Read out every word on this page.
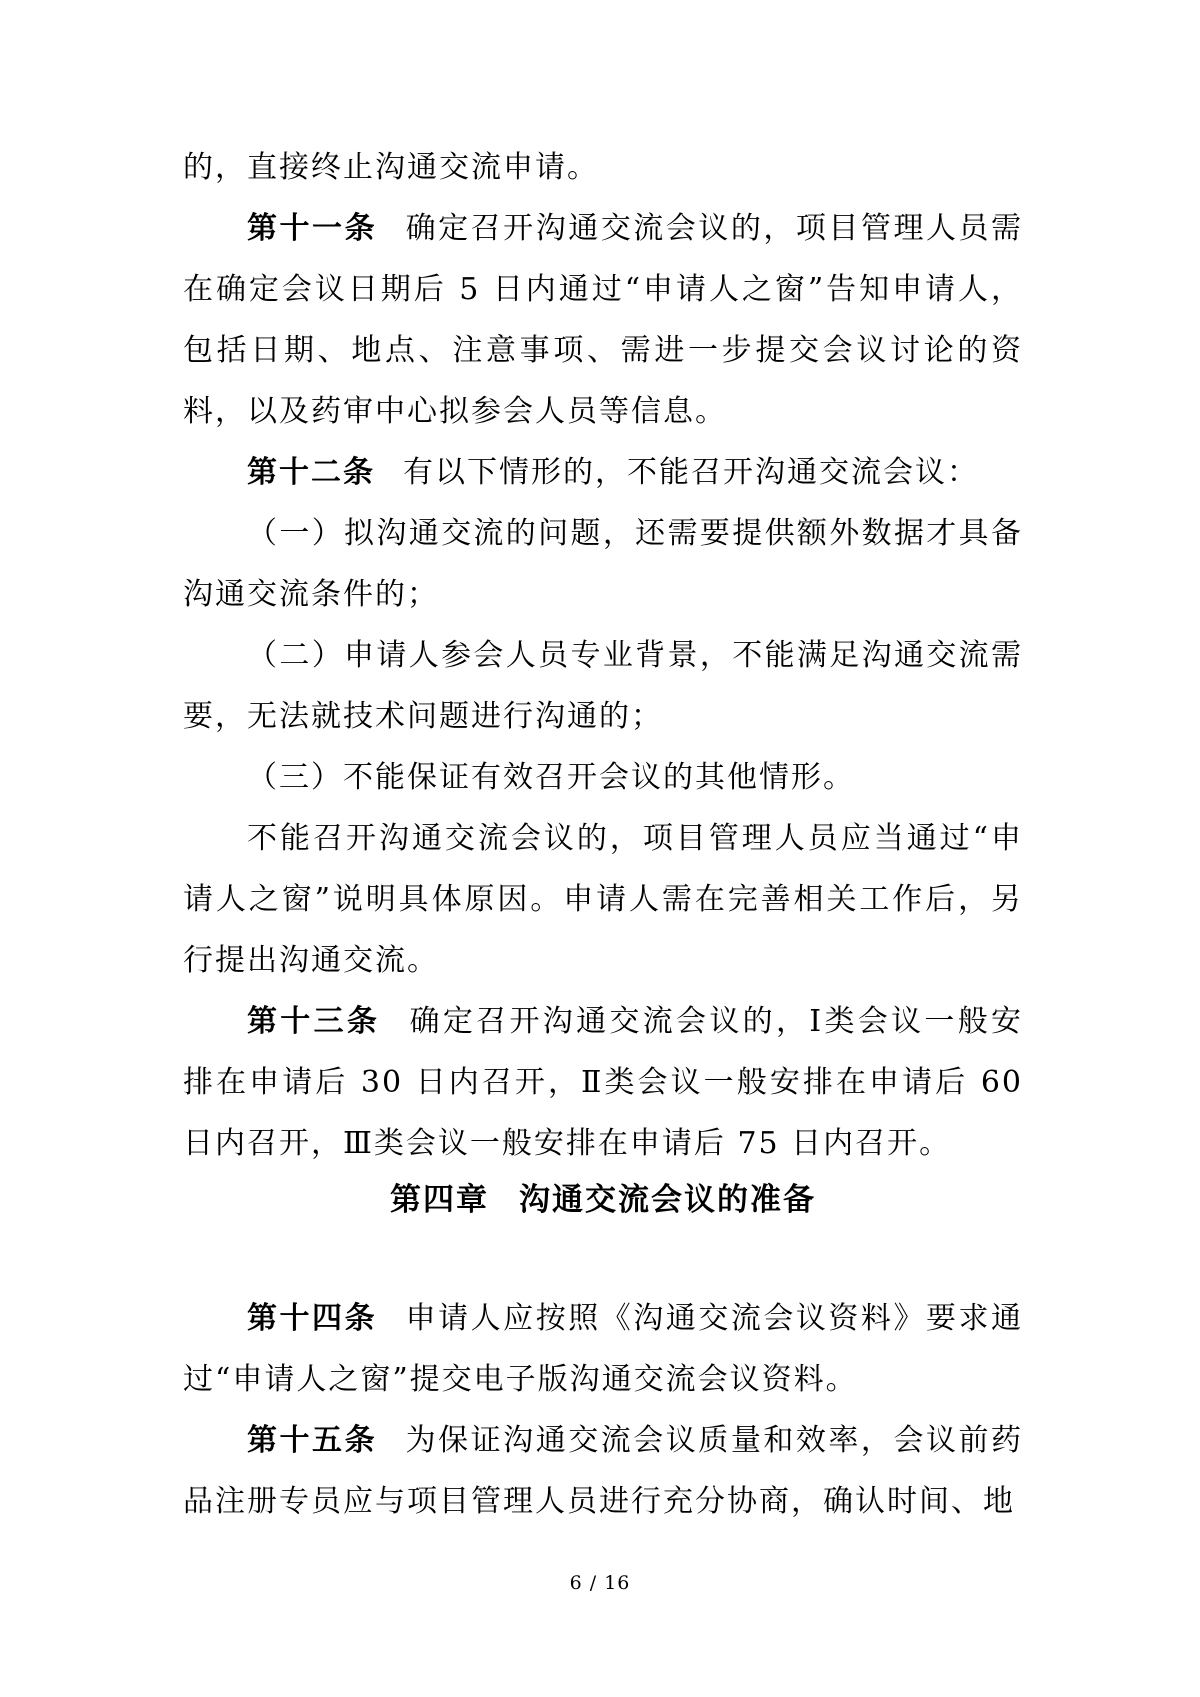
的，直接终止沟通交流申请。

第十一条 确定召开沟通交流会议的，项目管理人员需在确定会议日期后 5 日内通过“申请人之窗”告知申请人，包括日期、地点、注意事项、需进一步提交会议讨论的资料，以及药审中心拟参会人员等信息。

第十二条 有以下情形的，不能召开沟通交流会议：

（一）拟沟通交流的问题，还需要提供额外数据才具备沟通交流条件的；

（二）申请人参会人员专业背景，不能满足沟通交流需要，无法就技术问题进行沟通的；

（三）不能保证有效召开会议的其他情形。

不能召开沟通交流会议的，项目管理人员应当通过“申请人之窗”说明具体原因。申请人需在完善相关工作后，另行提出沟通交流。

第十三条 确定召开沟通交流会议的，Ⅰ类会议一般安排在申请后 30 日内召开，Ⅱ类会议一般安排在申请后 60 日内召开，Ⅲ类会议一般安排在申请后 75 日内召开。

第四章 沟通交流会议的准备

第十四条 申请人应按照《沟通交流会议资料》要求通过“申请人之窗”提交电子版沟通交流会议资料。

第十五条 为保证沟通交流会议质量和效率，会议前药品注册专员应与项目管理人员进行充分协商，确认时间、地

6 / 16
